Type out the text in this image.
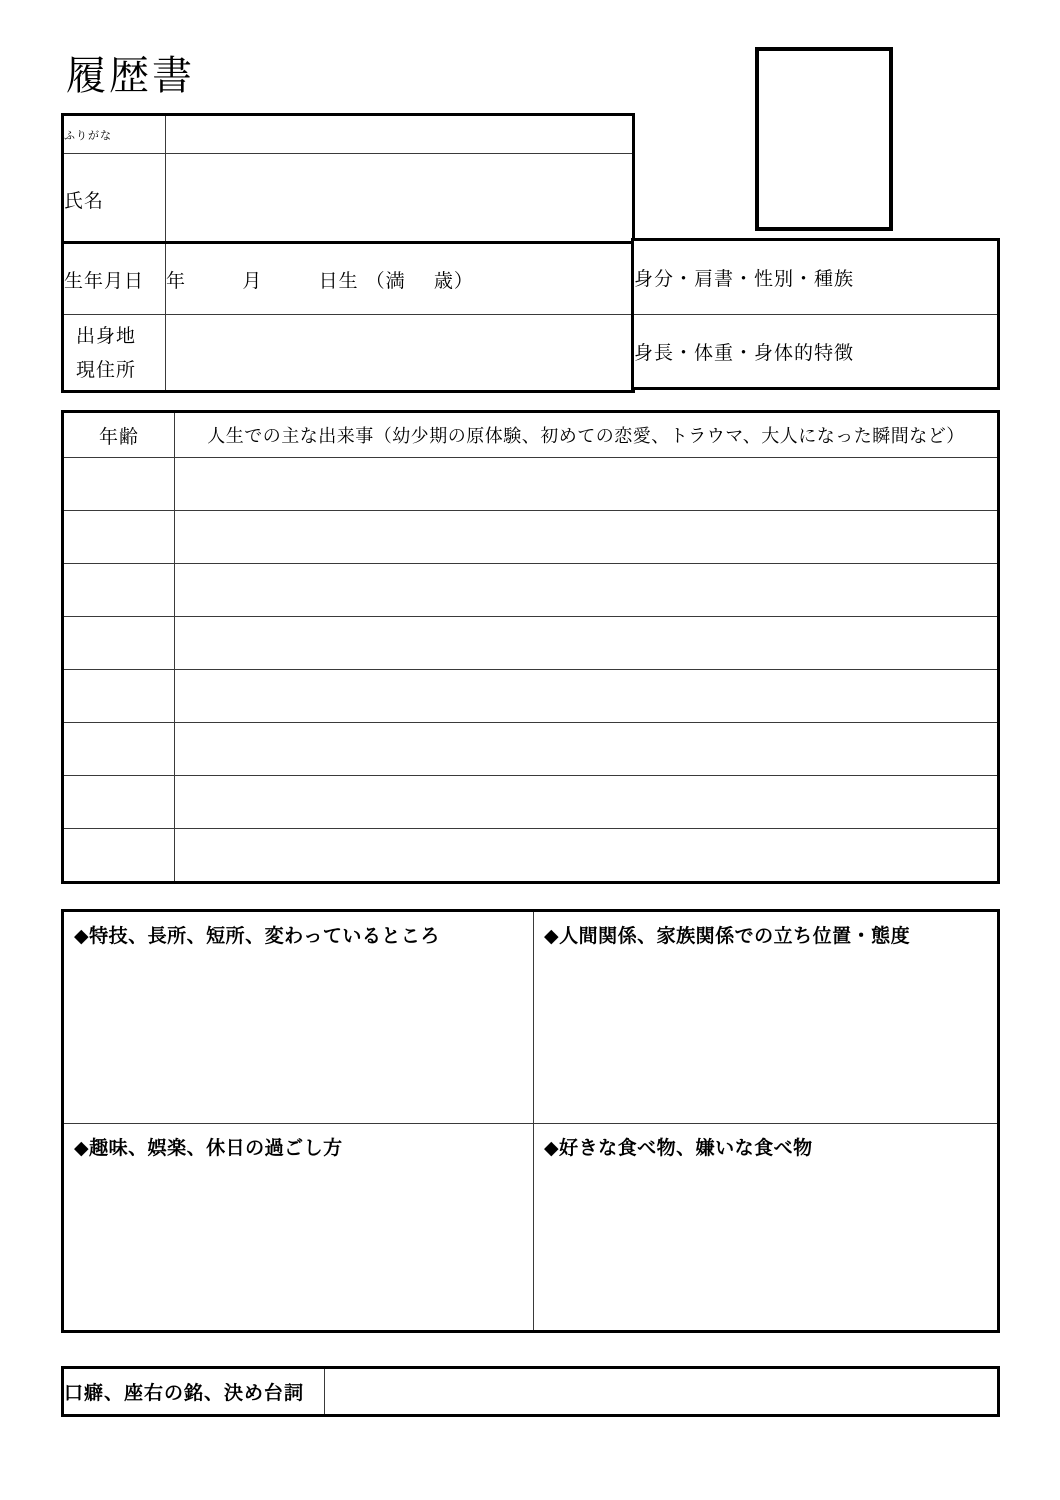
履歴書
ふりがな	
氏名	
生年月日	年        月        日生 （満    歳）

出身地
現住所	

身分・肩書・性別・種族
身長・体重・身体的特徴
年齢	人生での主な出来事（幼少期の原体験、初めての恋愛、トラウマ、大人になった瞬間など）

◆特技、長所、短所、変わっているところ	◆人間関係、家族関係での立ち位置・態度

◆趣味、娯楽、休日の過ごし方	◆好きな食べ物、嫌いな食べ物
口癖、座右の銘、決め台詞	
